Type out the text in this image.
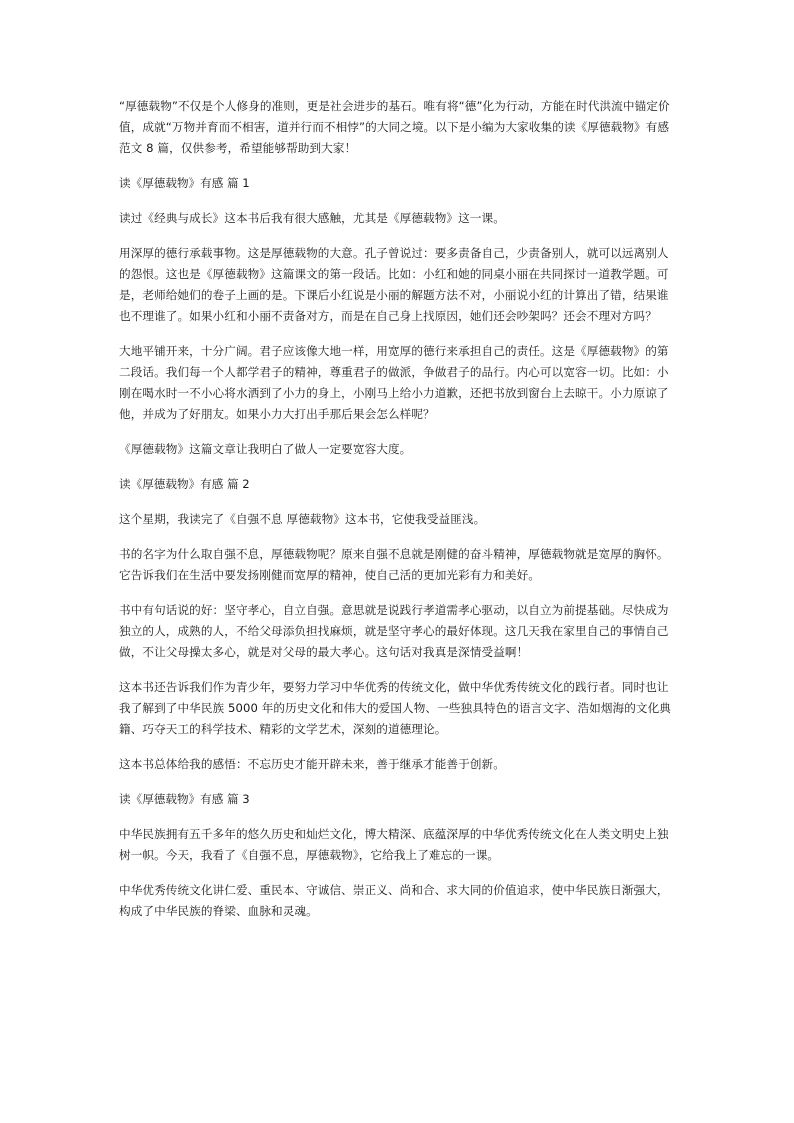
“厚德载物”不仅是个人修身的准则，更是社会进步的基石。唯有将“德”化为行动，方能在时代洪流中锚定价值，成就“万物并育而不相害，道并行而不相悖”的大同之境。以下是小编为大家收集的读《厚德载物》有感范文 8 篇，仅供参考，希望能够帮助到大家！

读《厚德载物》有感 篇 1

读过《经典与成长》这本书后我有很大感触，尤其是《厚德载物》这一课。

用深厚的德行承载事物。这是厚德载物的大意。孔子曾说过：要多责备自己，少责备别人，就可以远离别人的怨恨。这也是《厚德载物》这篇课文的第一段话。比如：小红和她的同桌小丽在共同探讨一道教学题。可是，老师给她们的卷子上画的是。下课后小红说是小丽的解题方法不对，小丽说小红的计算出了错，结果谁也不理谁了。如果小红和小丽不责备对方，而是在自己身上找原因，她们还会吵架吗？还会不理对方吗？

大地平铺开来，十分广阔。君子应该像大地一样，用宽厚的德行来承担自己的责任。这是《厚德载物》的第二段话。我们每一个人都学君子的精神，尊重君子的做派，争做君子的品行。内心可以宽容一切。比如：小刚在喝水时一不小心将水洒到了小力的身上，小刚马上给小力道歉，还把书放到窗台上去晾干。小力原谅了他，并成为了好朋友。如果小力大打出手那后果会怎么样呢？

《厚德载物》这篇文章让我明白了做人一定要宽容大度。

读《厚德载物》有感 篇 2

这个星期，我读完了《自强不息 厚德载物》这本书，它使我受益匪浅。

书的名字为什么取自强不息，厚德载物呢？原来自强不息就是刚健的奋斗精神，厚德载物就是宽厚的胸怀。它告诉我们在生活中要发扬刚健而宽厚的精神，使自己活的更加光彩有力和美好。

书中有句话说的好：坚守孝心，自立自强。意思就是说践行孝道需孝心驱动，以自立为前提基础。尽快成为独立的人，成熟的人，不给父母添负担找麻烦，就是坚守孝心的最好体现。这几天我在家里自己的事情自己做，不让父母操太多心，就是对父母的最大孝心。这句话对我真是深情受益啊！

这本书还告诉我们作为青少年，要努力学习中华优秀的传统文化，做中华优秀传统文化的践行者。同时也让我了解到了中华民族 5000 年的历史文化和伟大的爱国人物、一些独具特色的语言文字、浩如烟海的文化典籍、巧夺天工的科学技术、精彩的文学艺术，深刻的道德理论。

这本书总体给我的感悟：不忘历史才能开辟未来，善于继承才能善于创新。

读《厚德载物》有感 篇 3

中华民族拥有五千多年的悠久历史和灿烂文化，博大精深、底蕴深厚的中华优秀传统文化在人类文明史上独树一帜。今天，我看了《自强不息，厚德载物》，它给我上了难忘的一课。

中华优秀传统文化讲仁爱、重民本、守诚信、崇正义、尚和合、求大同的价值追求，使中华民族日渐强大，构成了中华民族的脊梁、血脉和灵魂。
